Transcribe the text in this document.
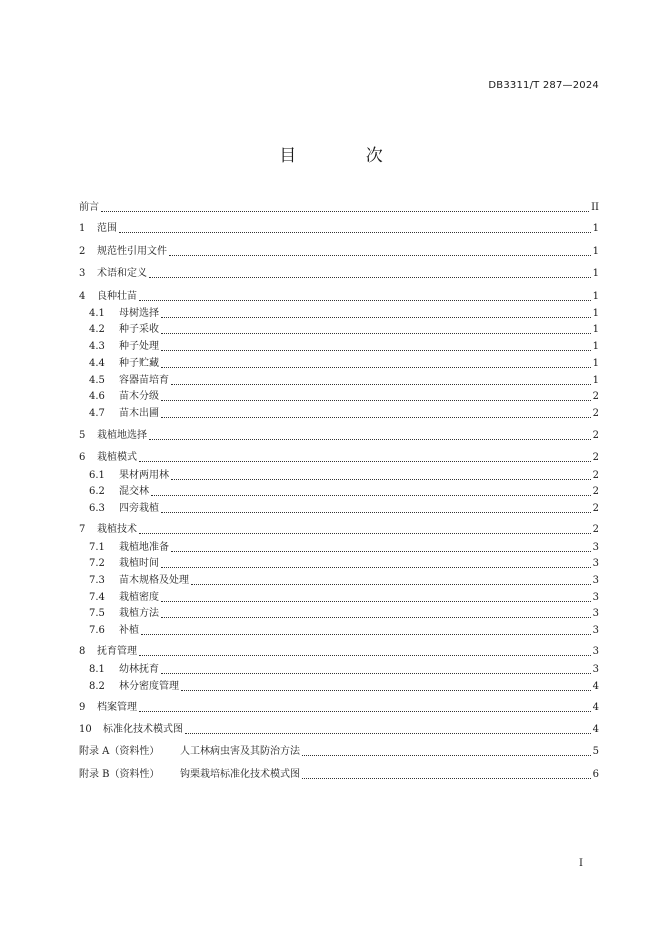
DB3311/T 287—2024
目 次
前言	II
1	范围	1
2	规范性引用文件	1
3	术语和定义	1
4	良种壮苗	1
4.1	母树选择	1
4.2	种子采收	1
4.3	种子处理	1
4.4	种子贮藏	1
4.5	容器苗培育	1
4.6	苗木分级	2
4.7	苗木出圃	2
5	栽植地选择	2
6	栽植模式	2
6.1	果材两用林	2
6.2	混交林	2
6.3	四旁栽植	2
7	栽植技术	2
7.1	栽植地准备	3
7.2	栽植时间	3
7.3	苗木规格及处理	3
7.4	栽植密度	3
7.5	栽植方法	3
7.6	补植	3
8	抚育管理	3
8.1	幼林抚育	3
8.2	林分密度管理	4
9	档案管理	4
10	标准化技术模式图	4
附录 A（资料性）	人工林病虫害及其防治方法	5
附录 B（资料性）	钩栗栽培标准化技术模式图	6
I
